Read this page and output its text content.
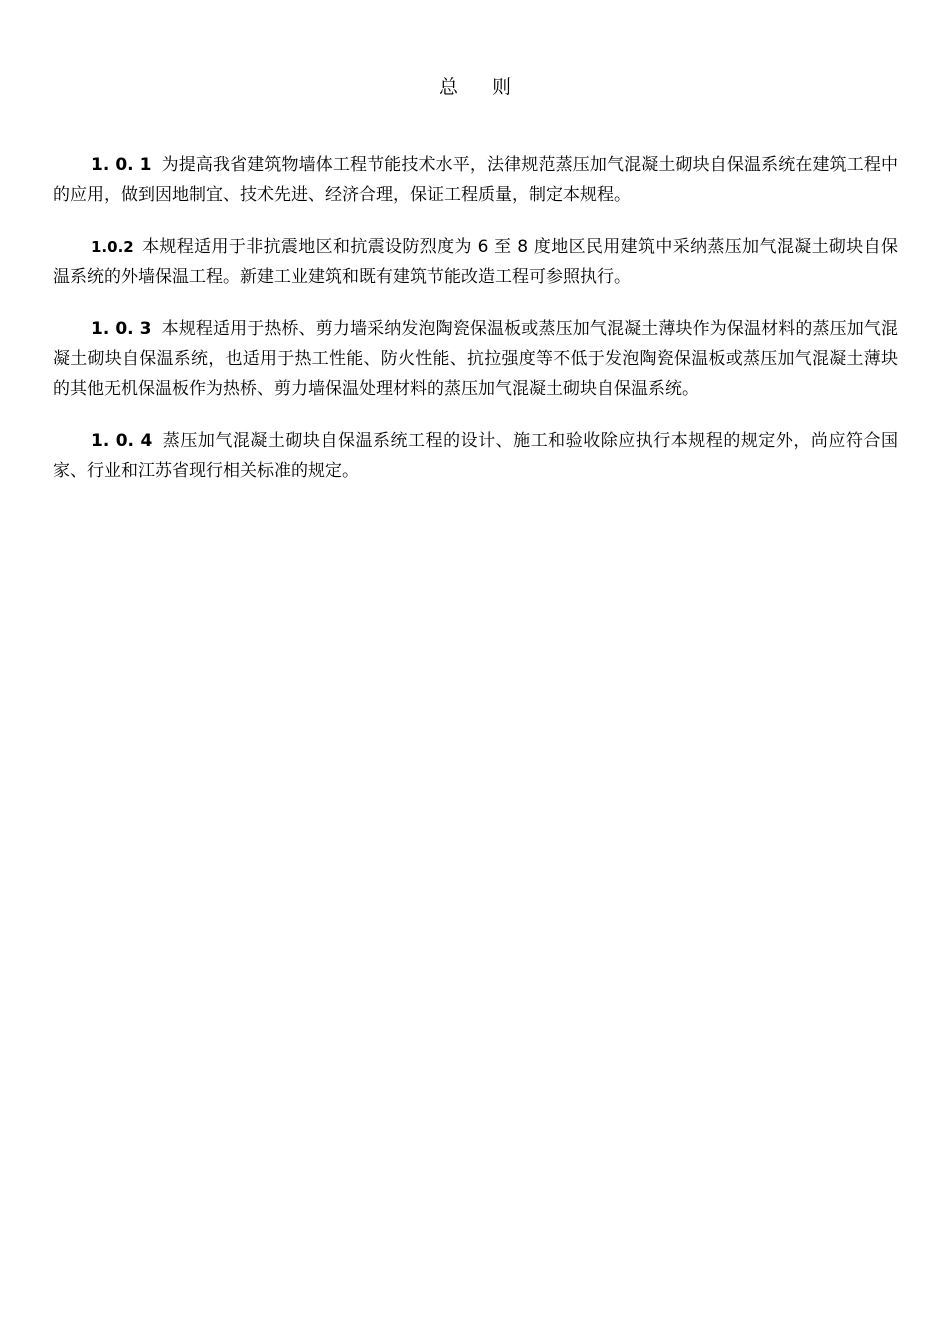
总 则

1. 0. 1 为提高我省建筑物墙体工程节能技术水平，法律规范蒸压加气混凝土砌块自保温系统在建筑工程中的应用，做到因地制宜、技术先进、经济合理，保证工程质量，制定本规程。

1.0.2 本规程适用于非抗震地区和抗震设防烈度为 6 至 8 度地区民用建筑中采纳蒸压加气混凝土砌块自保温系统的外墙保温工程。新建工业建筑和既有建筑节能改造工程可参照执行。

1. 0. 3 本规程适用于热桥、剪力墙采纳发泡陶瓷保温板或蒸压加气混凝土薄块作为保温材料的蒸压加气混凝土砌块自保温系统，也适用于热工性能、防火性能、抗拉强度等不低于发泡陶瓷保温板或蒸压加气混凝土薄块的其他无机保温板作为热桥、剪力墙保温处理材料的蒸压加气混凝土砌块自保温系统。

1. 0. 4 蒸压加气混凝土砌块自保温系统工程的设计、施工和验收除应执行本规程的规定外，尚应符合国家、行业和江苏省现行相关标准的规定。
